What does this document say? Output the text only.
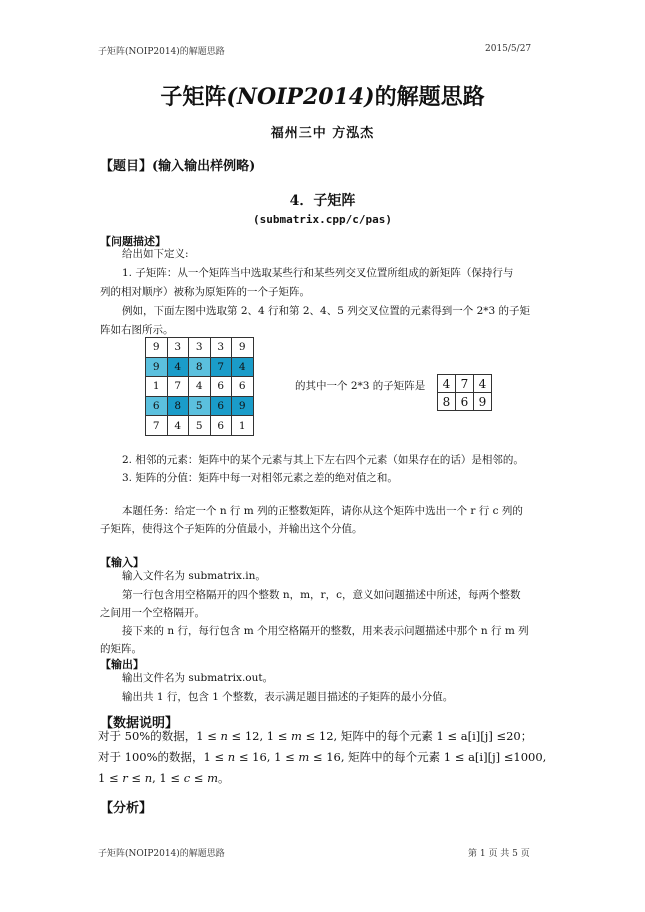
子矩阵(NOIP2014)的解题思路	2015/5/27
子矩阵(NOIP2014)的解题思路
福州三中 方泓杰
【题目】(输入输出样例略)
4．子矩阵
(submatrix.cpp/c/pas)
【问题描述】
给出如下定义:
1. 子矩阵：从一个矩阵当中选取某些行和某些列交叉位置所组成的新矩阵（保持行与
列的相对顺序）被称为原矩阵的一个子矩阵。
例如，下面左图中选取第 2、4 行和第 2、4、5 列交叉位置的元素得到一个 2*3 的子矩
阵如右图所示。
9	3	3	3	9
9	4	8	7	4
1	7	4	6	6
6	8	5	6	9
7	4	5	6	1
的其中一个 2*3 的子矩阵是 4	7	4
8	6	9
2. 相邻的元素：矩阵中的某个元素与其上下左右四个元素（如果存在的话）是相邻的。
3. 矩阵的分值：矩阵中每一对相邻元素之差的绝对值之和。
本题任务：给定一个 n 行 m 列的正整数矩阵，请你从这个矩阵中选出一个 r 行 c 列的
子矩阵，使得这个子矩阵的分值最小，并输出这个分值。
【输入】
输入文件名为 submatrix.in。
第一行包含用空格隔开的四个整数 n，m，r，c，意义如问题描述中所述，每两个整数
之间用一个空格隔开。
接下来的 n 行，每行包含 m 个用空格隔开的整数，用来表示问题描述中那个 n 行 m 列
的矩阵。
【输出】
输出文件名为 submatrix.out。
输出共 1 行，包含 1 个整数，表示满足题目描述的子矩阵的最小分值。
【数据说明】
对于 50%的数据，1 ≤ 𝑛 ≤ 12, 1 ≤ 𝑚 ≤ 12, 矩阵中的每个元素 1 ≤ a[i][j] ≤20；
对于 100%的数据，1 ≤ 𝑛 ≤ 16, 1 ≤ 𝑚 ≤ 16, 矩阵中的每个元素 1 ≤ a[i][j] ≤1000,
1 ≤ 𝑟 ≤ 𝑛, 1 ≤ 𝑐 ≤ 𝑚。
【分析】
子矩阵(NOIP2014)的解题思路	第 1 页 共 5 页
